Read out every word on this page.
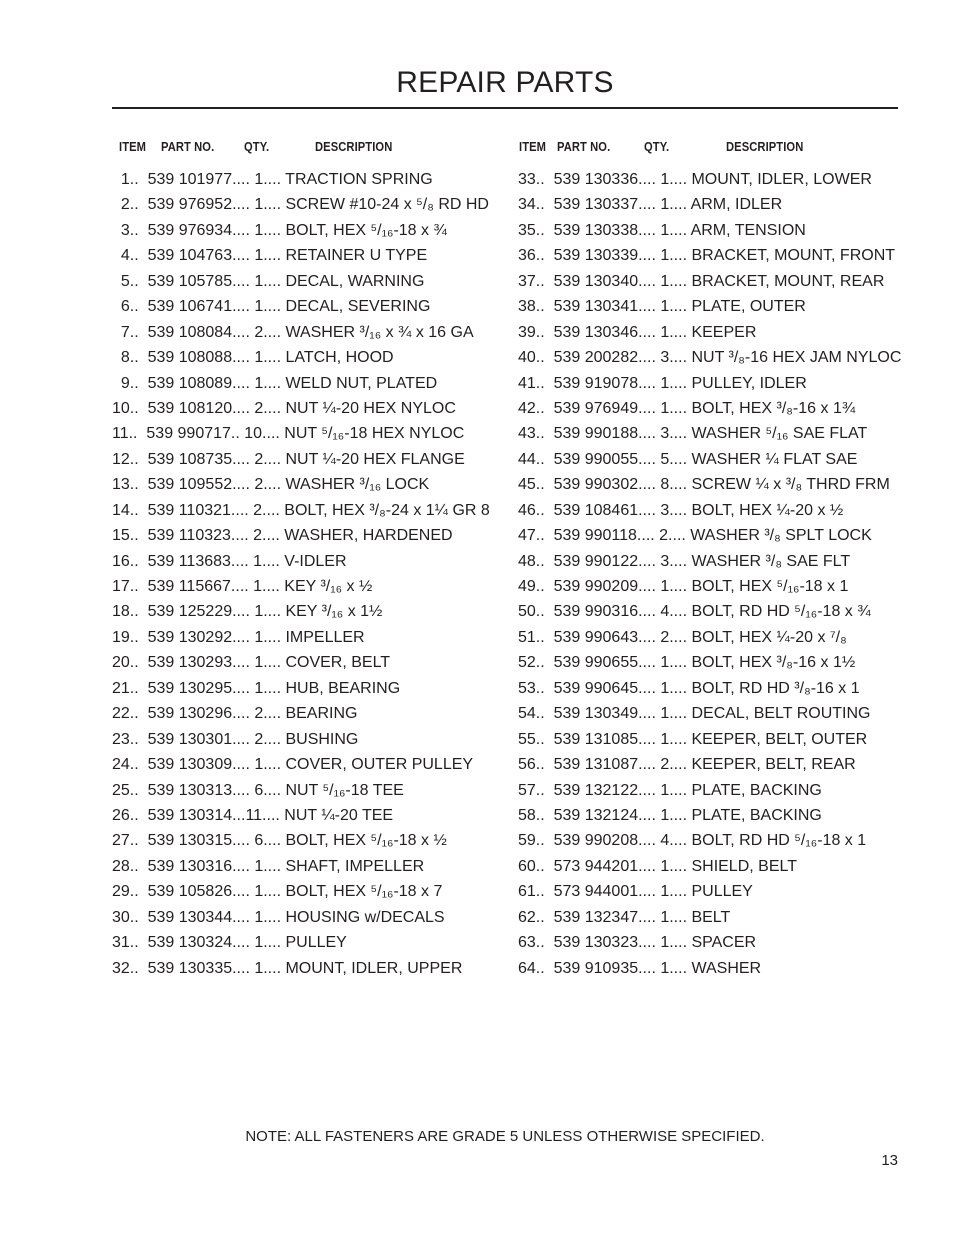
REPAIR PARTS
ITEM PART NO. QTY.	DESCRIPTION	ITEM PART NO.	QTY.	DESCRIPTION
1..  539 101977.... 1.... TRACTION SPRING
2..  539 976952.... 1.... SCREW #10-24 x ⁵/₈ RD HD
3..  539 976934.... 1.... BOLT, HEX ⁵/₁₆-18 x ¾
4..  539 104763.... 1.... RETAINER U TYPE
5..  539 105785.... 1.... DECAL, WARNING
6..  539 106741.... 1.... DECAL, SEVERING
7..  539 108084.... 2.... WASHER ³/₁₆ x ¾ x 16 GA
8..  539 108088.... 1.... LATCH, HOOD
9..  539 108089.... 1.... WELD NUT, PLATED
10..  539 108120.... 2.... NUT ¼-20 HEX NYLOC
11..  539 990717.. 10.... NUT ⁵/₁₆-18 HEX NYLOC
12..  539 108735.... 2.... NUT ¼-20 HEX FLANGE
13..  539 109552.... 2.... WASHER ³/₁₆ LOCK
14..  539 110321.... 2.... BOLT, HEX ³/₈-24 x 1¼ GR 8
15..  539 110323.... 2.... WASHER, HARDENED
16..  539 113683.... 1.... V-IDLER
17..  539 115667.... 1.... KEY ³/₁₆ x ½
18..  539 125229.... 1.... KEY ³/₁₆ x 1½
19..  539 130292.... 1.... IMPELLER
20..  539 130293.... 1.... COVER, BELT
21..  539 130295.... 1.... HUB, BEARING
22..  539 130296.... 2.... BEARING
23..  539 130301.... 2.... BUSHING
24..  539 130309.... 1.... COVER, OUTER PULLEY
25..  539 130313.... 6.... NUT ⁵/₁₆-18 TEE
26..  539 130314...11.... NUT ¼-20 TEE
27..  539 130315.... 6.... BOLT, HEX ⁵/₁₆-18 x ½
28..  539 130316.... 1.... SHAFT, IMPELLER
29..  539 105826.... 1.... BOLT, HEX ⁵/₁₆-18 x 7
30..  539 130344.... 1.... HOUSING w/DECALS
31..  539 130324.... 1.... PULLEY
32..  539 130335.... 1.... MOUNT, IDLER, UPPER
33..  539 130336.... 1.... MOUNT, IDLER, LOWER
34..  539 130337.... 1.... ARM, IDLER
35..  539 130338.... 1.... ARM, TENSION
36..  539 130339.... 1.... BRACKET, MOUNT, FRONT
37..  539 130340.... 1.... BRACKET, MOUNT, REAR
38..  539 130341.... 1.... PLATE, OUTER
39..  539 130346.... 1.... KEEPER
40..  539 200282.... 3.... NUT ³/₈-16 HEX JAM NYLOC
41..  539 919078.... 1.... PULLEY, IDLER
42..  539 976949.... 1.... BOLT, HEX ³/₈-16 x 1¾
43..  539 990188.... 3.... WASHER ⁵/₁₆ SAE FLAT
44..  539 990055.... 5.... WASHER ¼ FLAT SAE
45..  539 990302.... 8.... SCREW ¼ x ³/₈ THRD FRM
46..  539 108461.... 3.... BOLT, HEX ¼-20 x ½
47..  539 990118.... 2.... WASHER ³/₈ SPLT LOCK
48..  539 990122.... 3.... WASHER ³/₈ SAE FLT
49..  539 990209.... 1.... BOLT, HEX ⁵/₁₆-18 x 1
50..  539 990316.... 4.... BOLT, RD HD ⁵/₁₆-18 x ¾
51..  539 990643.... 2.... BOLT, HEX ¼-20 x ⁷/₈
52..  539 990655.... 1.... BOLT, HEX ³/₈-16 x 1½
53..  539 990645.... 1.... BOLT, RD HD ³/₈-16 x 1
54..  539 130349.... 1.... DECAL, BELT ROUTING
55..  539 131085.... 1.... KEEPER, BELT, OUTER
56..  539 131087.... 2.... KEEPER, BELT, REAR
57..  539 132122.... 1.... PLATE, BACKING
58..  539 132124.... 1.... PLATE, BACKING
59..  539 990208.... 4.... BOLT, RD HD ⁵/₁₆-18 x 1
60..  573 944201.... 1.... SHIELD, BELT
61..  573 944001.... 1.... PULLEY
62..  539 132347.... 1.... BELT
63..  539 130323.... 1.... SPACER
64..  539 910935.... 1.... WASHER
NOTE: ALL FASTENERS ARE GRADE 5 UNLESS OTHERWISE SPECIFIED.
13
